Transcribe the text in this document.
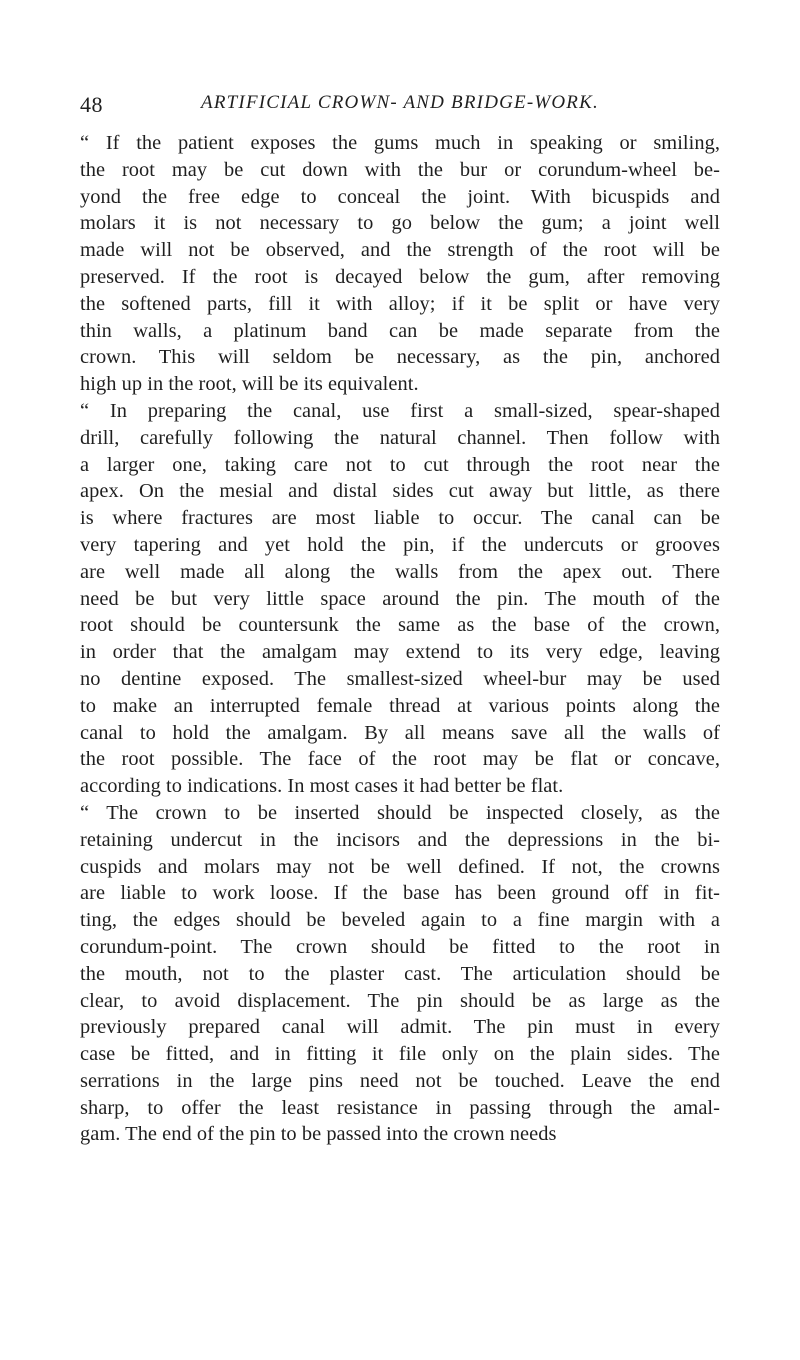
48	ARTIFICIAL CROWN- AND BRIDGE-WORK.
“ If the patient exposes the gums much in speaking or smiling,
the root may be cut down with the bur or corundum-wheel be-
yond the free edge to conceal the joint. With bicuspids and
molars it is not necessary to go below the gum; a joint well
made will not be observed, and the strength of the root will be
preserved. If the root is decayed below the gum, after removing
the softened parts, fill it with alloy; if it be split or have very
thin walls, a platinum band can be made separate from the
crown. This will seldom be necessary, as the pin, anchored
high up in the root, will be its equivalent.
“ In preparing the canal, use first a small-sized, spear-shaped
drill, carefully following the natural channel. Then follow with
a larger one, taking care not to cut through the root near the
apex. On the mesial and distal sides cut away but little, as there
is where fractures are most liable to occur. The canal can be
very tapering and yet hold the pin, if the undercuts or grooves
are well made all along the walls from the apex out. There
need be but very little space around the pin. The mouth of the
root should be countersunk the same as the base of the crown,
in order that the amalgam may extend to its very edge, leaving
no dentine exposed. The smallest-sized wheel-bur may be used
to make an interrupted female thread at various points along the
canal to hold the amalgam. By all means save all the walls of
the root possible. The face of the root may be flat or concave,
according to indications. In most cases it had better be flat.
“ The crown to be inserted should be inspected closely, as the
retaining undercut in the incisors and the depressions in the bi-
cuspids and molars may not be well defined. If not, the crowns
are liable to work loose. If the base has been ground off in fit-
ting, the edges should be beveled again to a fine margin with a
corundum-point. The crown should be fitted to the root in
the mouth, not to the plaster cast. The articulation should be
clear, to avoid displacement. The pin should be as large as the
previously prepared canal will admit. The pin must in every
case be fitted, and in fitting it file only on the plain sides. The
serrations in the large pins need not be touched. Leave the end
sharp, to offer the least resistance in passing through the amal-
gam. The end of the pin to be passed into the crown needs
